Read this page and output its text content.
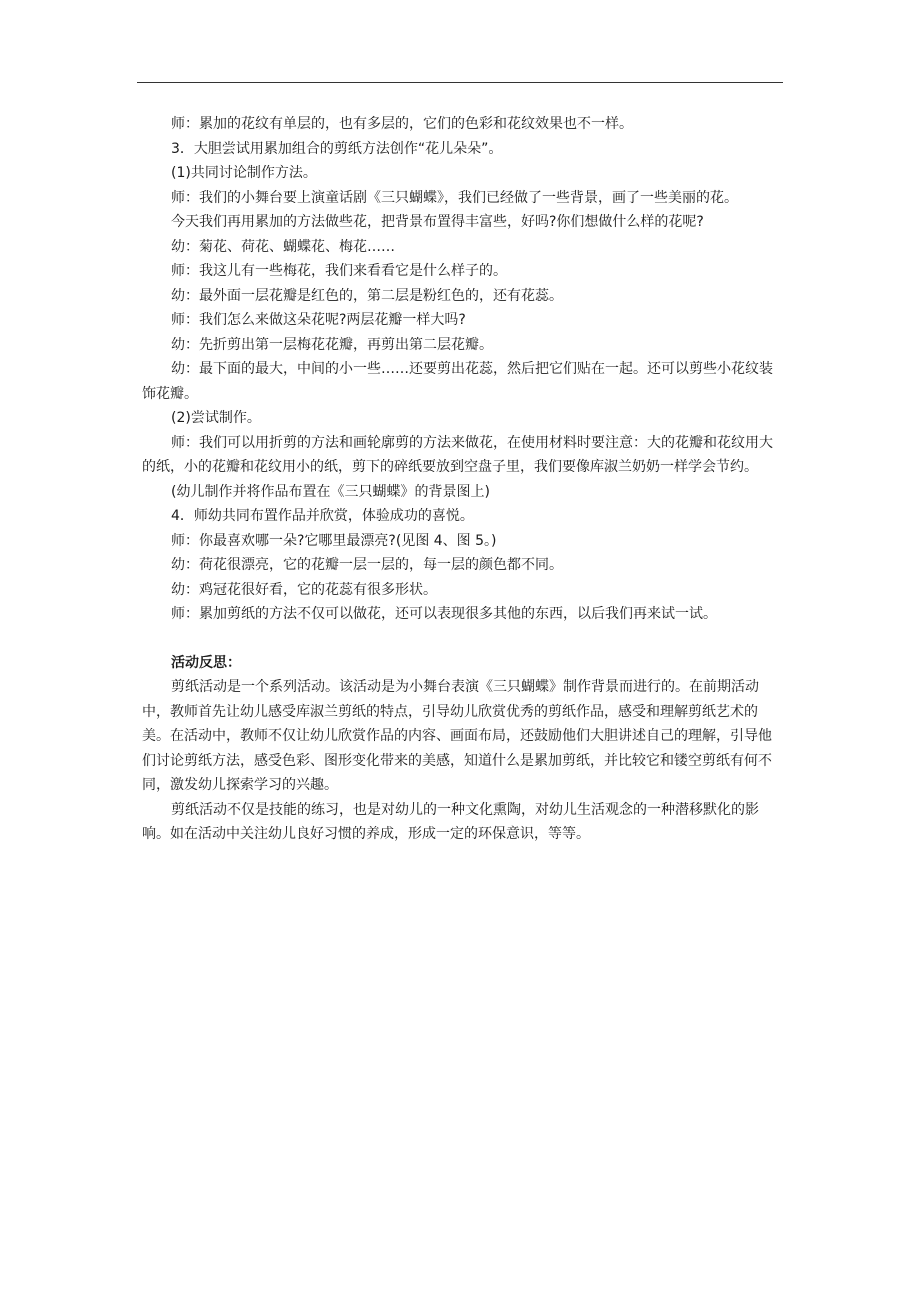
师：累加的花纹有单层的，也有多层的，它们的色彩和花纹效果也不一样。

3．大胆尝试用累加组合的剪纸方法创作“花儿朵朵”。

(1)共同讨论制作方法。

师：我们的小舞台要上演童话剧《三只蝴蝶》，我们已经做了一些背景，画了一些美丽的花。

今天我们再用累加的方法做些花，把背景布置得丰富些，好吗?你们想做什么样的花呢?

幼：菊花、荷花、蝴蝶花、梅花……

师：我这儿有一些梅花，我们来看看它是什么样子的。

幼：最外面一层花瓣是红色的，第二层是粉红色的，还有花蕊。

师：我们怎么来做这朵花呢?两层花瓣一样大吗?

幼：先折剪出第一层梅花花瓣，再剪出第二层花瓣。

幼：最下面的最大，中间的小一些……还要剪出花蕊，然后把它们贴在一起。还可以剪些小花纹装饰花瓣。

(2)尝试制作。

师：我们可以用折剪的方法和画轮廓剪的方法来做花，在使用材料时要注意：大的花瓣和花纹用大的纸，小的花瓣和花纹用小的纸，剪下的碎纸要放到空盘子里，我们要像库淑兰奶奶一样学会节约。

(幼儿制作并将作品布置在《三只蝴蝶》的背景图上)

4．师幼共同布置作品并欣赏，体验成功的喜悦。

师：你最喜欢哪一朵?它哪里最漂亮?(见图 4、图 5。)

幼：荷花很漂亮，它的花瓣一层一层的，每一层的颜色都不同。

幼：鸡冠花很好看，它的花蕊有很多形状。

师：累加剪纸的方法不仅可以做花，还可以表现很多其他的东西，以后我们再来试一试。

活动反思：

剪纸活动是一个系列活动。该活动是为小舞台表演《三只蝴蝶》制作背景而进行的。在前期活动中，教师首先让幼儿感受库淑兰剪纸的特点，引导幼儿欣赏优秀的剪纸作品，感受和理解剪纸艺术的美。在活动中，教师不仅让幼儿欣赏作品的内容、画面布局，还鼓励他们大胆讲述自己的理解，引导他们讨论剪纸方法，感受色彩、图形变化带来的美感，知道什么是累加剪纸，并比较它和镂空剪纸有何不同，激发幼儿探索学习的兴趣。

剪纸活动不仅是技能的练习，也是对幼儿的一种文化熏陶，对幼儿生活观念的一种潜移默化的影响。如在活动中关注幼儿良好习惯的养成，形成一定的环保意识，等等。
